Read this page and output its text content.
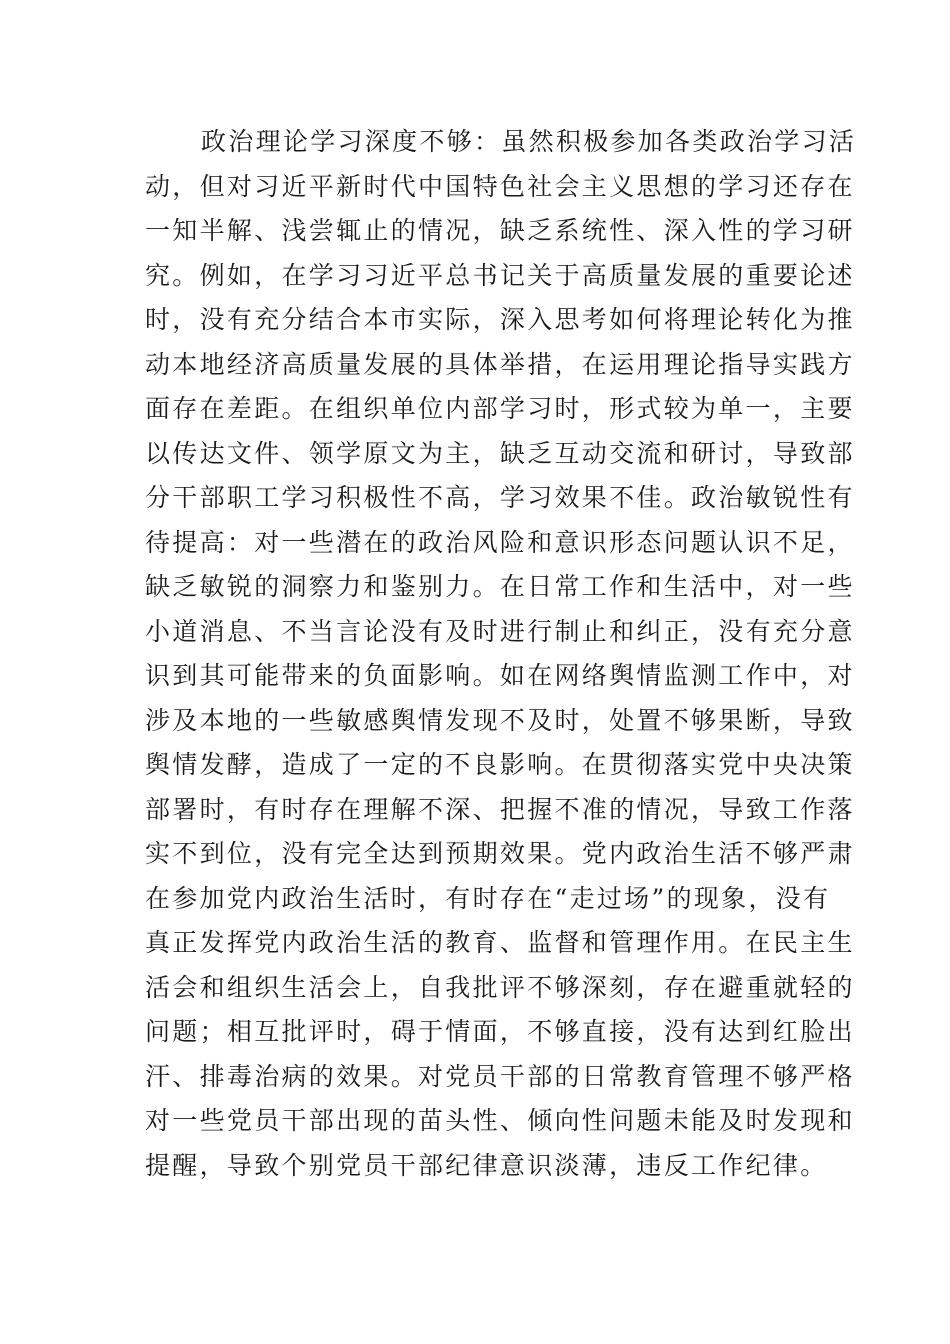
政治理论学习深度不够：虽然积极参加各类政治学习活
动，但对习近平新时代中国特色社会主义思想的学习还存在
一知半解、浅尝辄止的情况，缺乏系统性、深入性的学习研
究。例如，在学习习近平总书记关于高质量发展的重要论述
时，没有充分结合本市实际，深入思考如何将理论转化为推
动本地经济高质量发展的具体举措，在运用理论指导实践方
面存在差距。在组织单位内部学习时，形式较为单一，主要
以传达文件、领学原文为主，缺乏互动交流和研讨，导致部
分干部职工学习积极性不高，学习效果不佳。政治敏锐性有
待提高：对一些潜在的政治风险和意识形态问题认识不足，
缺乏敏锐的洞察力和鉴别力。在日常工作和生活中，对一些
小道消息、不当言论没有及时进行制止和纠正，没有充分意
识到其可能带来的负面影响。如在网络舆情监测工作中，对
涉及本地的一些敏感舆情发现不及时，处置不够果断，导致
舆情发酵，造成了一定的不良影响。在贯彻落实党中央决策
部署时，有时存在理解不深、把握不准的情况，导致工作落
实不到位，没有完全达到预期效果。党内政治生活不够严肃
在参加党内政治生活时，有时存在“走过场”的现象，没有
真正发挥党内政治生活的教育、监督和管理作用。在民主生
活会和组织生活会上，自我批评不够深刻，存在避重就轻的
问题；相互批评时，碍于情面，不够直接，没有达到红脸出
汗、排毒治病的效果。对党员干部的日常教育管理不够严格
对一些党员干部出现的苗头性、倾向性问题未能及时发现和
提醒，导致个别党员干部纪律意识淡薄，违反工作纪律。
